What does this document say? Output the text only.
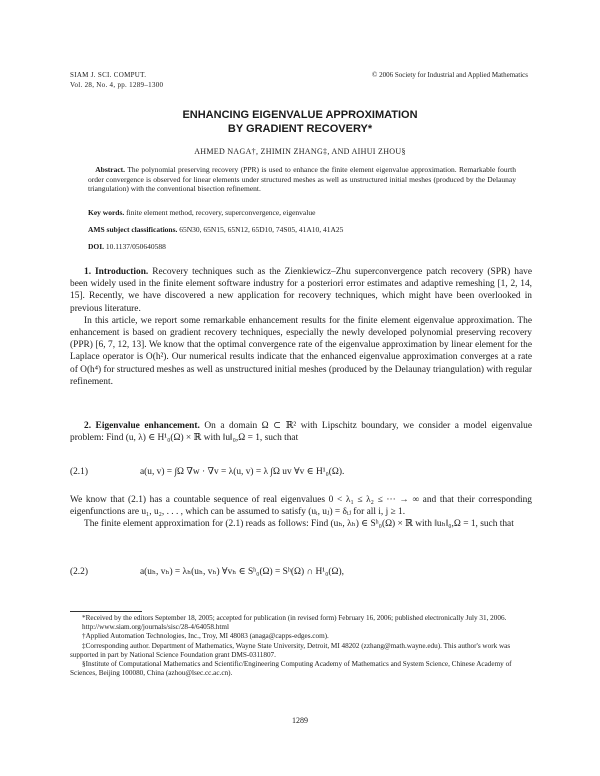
SIAM J. SCI. COMPUT.
Vol. 28, No. 4, pp. 1289–1300
© 2006 Society for Industrial and Applied Mathematics
ENHANCING EIGENVALUE APPROXIMATION
BY GRADIENT RECOVERY*
AHMED NAGA†, ZHIMIN ZHANG‡, AND AIHUI ZHOU§
Abstract. The polynomial preserving recovery (PPR) is used to enhance the finite element eigenvalue approximation. Remarkable fourth order convergence is observed for linear elements under structured meshes as well as unstructured initial meshes (produced by the Delaunay triangulation) with the conventional bisection refinement.
Key words. finite element method, recovery, superconvergence, eigenvalue
AMS subject classifications. 65N30, 65N15, 65N12, 65D10, 74S05, 41A10, 41A25
DOI. 10.1137/050640588

1. Introduction. Recovery techniques such as the Zienkiewicz–Zhu superconvergence patch recovery (SPR) have been widely used in the finite element software industry for a posteriori error estimates and adaptive remeshing [1, 2, 14, 15]. Recently, we have discovered a new application for recovery techniques, which might have been overlooked in previous literature.

In this article, we report some remarkable enhancement results for the finite element eigenvalue approximation. The enhancement is based on gradient recovery techniques, especially the newly developed polynomial preserving recovery (PPR) [6, 7, 12, 13]. We know that the optimal convergence rate of the eigenvalue approximation by linear element for the Laplace operator is O(h²). Our numerical results indicate that the enhanced eigenvalue approximation converges at a rate of O(h⁴) for structured meshes as well as unstructured initial meshes (produced by the Delaunay triangulation) with regular refinement.

2. Eigenvalue enhancement. On a domain Ω ⊂ ℝ² with Lipschitz boundary, we consider a model eigenvalue problem: Find (u, λ) ∈ H¹₀(Ω) × ℝ with ‖u‖₀,Ω = 1, such that

(2.1)	a(u, v) = ∫Ω ∇w · ∇v = λ(u, v) = λ ∫Ω uv ∀v ∈ H¹₀(Ω).

We know that (2.1) has a countable sequence of real eigenvalues 0 < λ₁ ≤ λ₂ ≤ ··· → ∞ and that their corresponding eigenfunctions are u₁, u₂, . . . , which can be assumed to satisfy (uᵢ, uⱼ) = δᵢⱼ for all i, j ≥ 1.

The finite element approximation for (2.1) reads as follows: Find (uₕ, λₕ) ∈ Sʰ₀(Ω) × ℝ with ‖uₕ‖₀,Ω = 1, such that

(2.2)	a(uₕ, vₕ) = λₕ(uₕ, vₕ) ∀vₕ ∈ Sʰ₀(Ω) = Sʰ(Ω) ∩ H¹₀(Ω),

*Received by the editors September 18, 2005; accepted for publication (in revised form) February 16, 2006; published electronically July 31, 2006.

http://www.siam.org/journals/sisc/28-4/64058.html

†Applied Automation Technologies, Inc., Troy, MI 48083 (anaga@capps-edges.com).

‡Corresponding author. Department of Mathematics, Wayne State University, Detroit, MI 48202 (zzhang@math.wayne.edu). This author's work was supported in part by National Science Foundation grant DMS-0311807.

§Institute of Computational Mathematics and Scientific/Engineering Computing Academy of Mathematics and System Science, Chinese Academy of Sciences, Beijing 100080, China (azhou@lsec.cc.ac.cn).

1289
